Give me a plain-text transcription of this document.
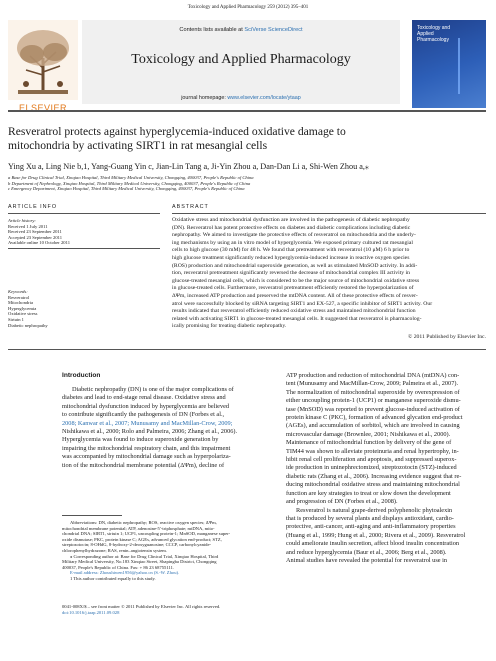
Toxicology and Applied Pharmacology 259 (2012) 395–401
ELSEVIER
Contents lists available at SciVerse ScienceDirect
Toxicology and Applied Pharmacology
journal homepage: www.elsevier.com/locate/ytaap
Toxicology and Applied Pharmacology
Resveratrol protects against hyperglycemia-induced oxidative damage to
mitochondria by activating SIRT1 in rat mesangial cells
Ying Xu a, Ling Nie b,1, Yang-Guang Yin c, Jian-Lin Tang a, Ji-Yin Zhou a, Dan-Dan Li a, Shi-Wen Zhou a,⁎
a Base for Drug Clinical Trial, Xinqiao Hospital, Third Military Medical University, Chongqing, 400037, People's Republic of China
b Department of Nephrology, Xinqiao Hospital, Third Military Medical University, Chongqing, 400037, People's Republic of China
c Emergency Department, Xinqiao Hospital, Third Military Medical University, Chongqing, 400037, People's Republic of China
ARTICLE INFO	ABSTRACT
Article history:
Received 1 July 2011
Received 23 September 2011
Accepted 23 September 2011
Available online 10 October 2011
Keywords:
Resveratrol
Mitochondria
Hyperglycemia
Oxidative stress
Sirtuin 1
Diabetic nephropathy
Oxidative stress and mitochondrial dysfunction are involved in the pathogenesis of diabetic nephropathy
(DN). Resveratrol has potent protective effects on diabetes and diabetic complications including diabetic
nephropathy. We aimed to investigate the protective effects of resveratrol on mitochondria and the underly-
ing mechanisms by using an in vitro model of hyperglycemia. We exposed primary cultured rat mesangial
cells to high glucose (30 mM) for 48 h. We found that pretreatment with resveratrol (10 μM) 6 h prior to
high glucose treatment significantly reduced hyperglycemia-induced increase in reactive oxygen species
(ROS) production and mitochondrial superoxide generation, as well as stimulated MnSOD activity. In addi-
tion, resveratrol pretreatment significantly reversed the decrease of mitochondrial complex III activity in
glucose-treated mesangial cells, which is considered to be the major source of mitochondrial oxidative stress
in glucose-treated cells. Furthermore, resveratrol pretreatment efficiently restored the hyperpolarization of
ΔΨm, increased ATP production and preserved the mtDNA content. All of these protective effects of resver-
atrol were successfully blocked by siRNA targeting SIRT1 and EX-527, a specific inhibitor of SIRT1 activity. Our
results indicated that resveratrol efficiently reduced oxidative stress and maintained mitochondrial function
related with activating SIRT1 in glucose-treated mesangial cells. It suggested that resveratrol is pharmacolog-
ically promising for treating diabetic nephropathy.
© 2011 Published by Elsevier Inc.
Introduction
Diabetic nephropathy (DN) is one of the major complications of
diabetes and lead to end-stage renal disease. Oxidative stress and
mitochondrial dysfunction induced by hyperglycemia are believed
to contribute significantly the pathogenesis of DN (Forbes et al.,
2008; Kanwar et al., 2007; Munusamy and MacMillan-Crow, 2009;
Nishikawa et al., 2000; Rolo and Palmeira, 2006; Zhang et al., 2006).
Hyperglycemia was found to induce superoxide generation by
impairing the mitochondrial respiratory chain, and this impairment
was accompanied by mitochondrial damage such as hyperpolariza-
tion of the mitochondrial membrane potential (ΔΨm), decline of
ATP production and reduction of mitochondrial DNA (mtDNA) con-
tent (Munusamy and MacMillan-Crow, 2009; Palmeira et al., 2007).
The normalization of mitochondrial superoxide by overexpression of
either uncoupling protein-1 (UCP1) or manganese superoxide dismu-
tase (MnSOD) was reported to prevent glucose-induced activation of
protein kinase C (PKC), formation of advanced glycation end-product
(AGEs), and accumulation of sorbitol, which are involved in causing
microvascular damage (Brownlee, 2001; Nishikawa et al., 2000).
Maintenance of mitochondrial function by delivery of the gene of
TIM44 was shown to alleviate proteinuria and renal hypertrophy, in-
hibit renal cell proliferation and apoptosis, and suppressed superox-
ide production in uninephrectomized, streptozotocin (STZ)-induced
diabetic rats (Zhang et al., 2006). Increasing evidence suggest that re-
ducing mitochondrial oxidative stress and maintaining mitochondrial
function are key strategies to treat or slow down the development
and progression of DN (Forbes et al., 2008).
Resveratrol is natural grape-derived polyphenolic phytoalexin
that is produced by several plants and displays antioxidant, cardio-
protective, anti-cancer, anti-aging and anti-inflammatory properties
(Huang et al., 1999; Hung et al., 2000; Rivera et al., 2009). Resveratrol
could ameliorate insulin secretion, affect blood insulin concentration
and reduce hyperglycemia (Baur et al., 2006; Berg et al., 2008).
Animal studies have revealed the potential for resveratrol use in
Abbreviations: DN, diabetic nephropathy; ROS, reactive oxygen species; ΔΨm,
mitochondrial membrane potential; ATP, adenosine-5′-triphosphate; mtDNA, mito-
chondrial DNA; SIRT1, sirtuin 1; UCP1, uncoupling protein-1; MnSOD, manganese super-
oxide dismutase; PKC, protein kinase C; AGEs, advanced glycation end-product; STZ,
streptozotocin; 8-OHdG, 8-hydroxy-2-deoxyguanosine; CCCP, carbonylcyanide-
chlorophenylhydrazone; RAS, renin–angiotensin system.
⁎ Corresponding author at: Base for Drug Clinical Trial, Xinqiao Hospital, Third
Military Medical University, No.183 Xinqiao Street, Shapingba District, Chongqing
400037, People's Republic of China. Fax: + 86 23 68755111.
E-mail address: Zhoushiwen1956@yahoo.cn (S.-W. Zhou).
1 This author contributed equally to this study.
0041-008X/$ – see front matter © 2011 Published by Elsevier Inc. All rights reserved.
doi:10.1016/j.taap.2011.09.028
